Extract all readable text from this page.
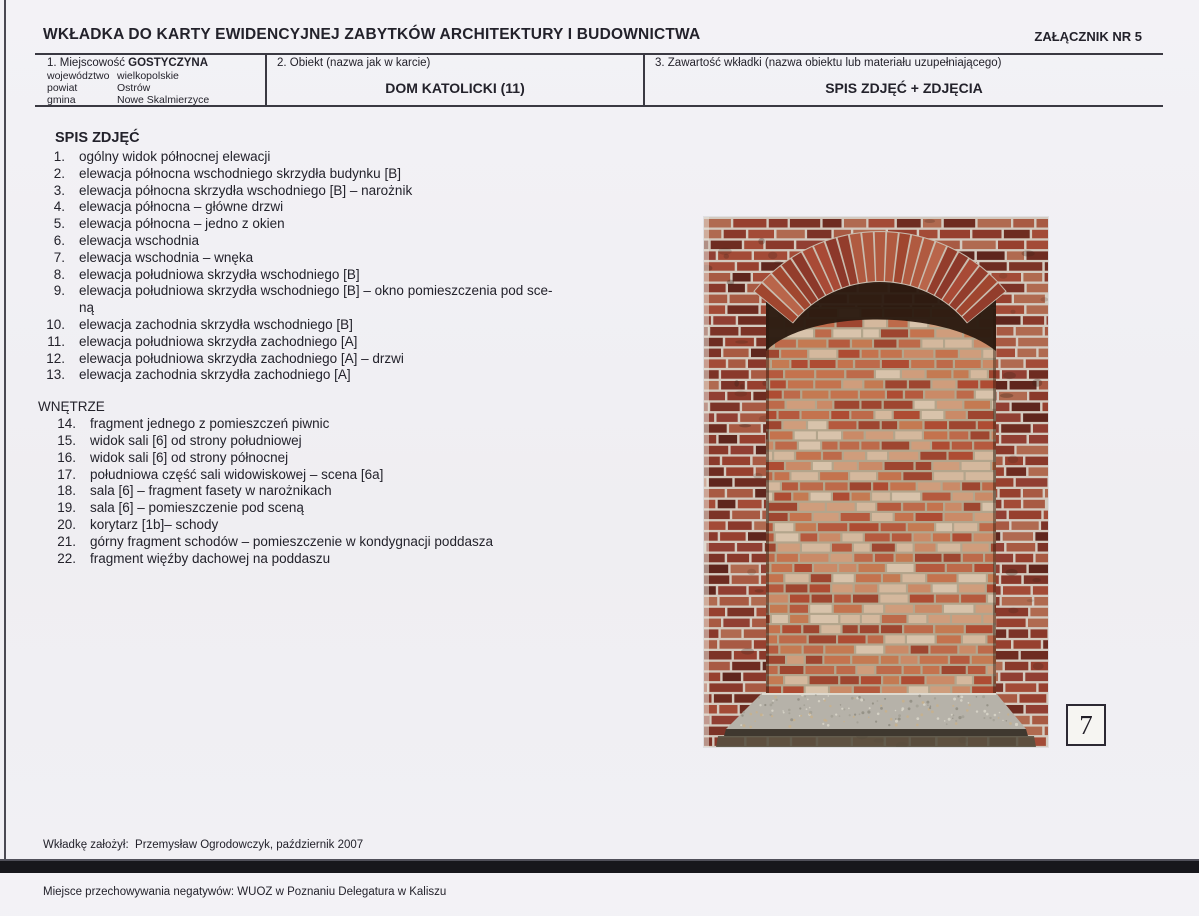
WKŁADKA DO KARTY EWIDENCYJNEJ ZABYTKÓW ARCHITEKTURY I BUDOWNICTWA	ZAŁĄCZNIK NR 5
1. Miejscowość GOSTYCZYNA
województwo wielkopolskie
powiat	Ostrów
gmina	Nowe Skalmierzyce
2. Obiekt (nazwa jak w karcie)
DOM KATOLICKI (11)
3. Zawartość wkładki (nazwa obiektu lub materiału uzupełniającego)
SPIS ZDJĘĆ + ZDJĘCIA
SPIS ZDJĘĆ
1. ogólny widok północnej elewacji
2. elewacja północna wschodniego skrzydła budynku [B]
3. elewacja północna skrzydła wschodniego [B] – narożnik
4. elewacja północna – główne drzwi
5. elewacja północna – jedno z okien
6. elewacja wschodnia
7. elewacja wschodnia – wnęka
8. elewacja południowa skrzydła wschodniego [B]
9. elewacja południowa skrzydła wschodniego [B] – okno pomieszczenia pod sce-
ną
10. elewacja zachodnia skrzydła wschodniego [B]
11. elewacja południowa skrzydła zachodniego [A]
12. elewacja południowa skrzydła zachodniego [A] – drzwi
13. elewacja zachodnia skrzydła zachodniego [A]
WNĘTRZE
14. fragment jednego z pomieszczeń piwnic
15. widok sali [6] od strony południowej
16. widok sali [6] od strony północnej
17. południowa część sali widowiskowej – scena [6a]
18. sala [6] – fragment fasety w narożnikach
19. sala [6] – pomieszczenie pod sceną
20. korytarz [1b]– schody
21. górny fragment schodów – pomieszczenie w kondygnacji poddasza
22. fragment więźby dachowej na poddaszu
7

Wkładkę założył:  Przemysław Ogrodowczyk, październik 2007

Miejsce przechowywania negatywów: WUOZ w Poznaniu Delegatura w Kaliszu
